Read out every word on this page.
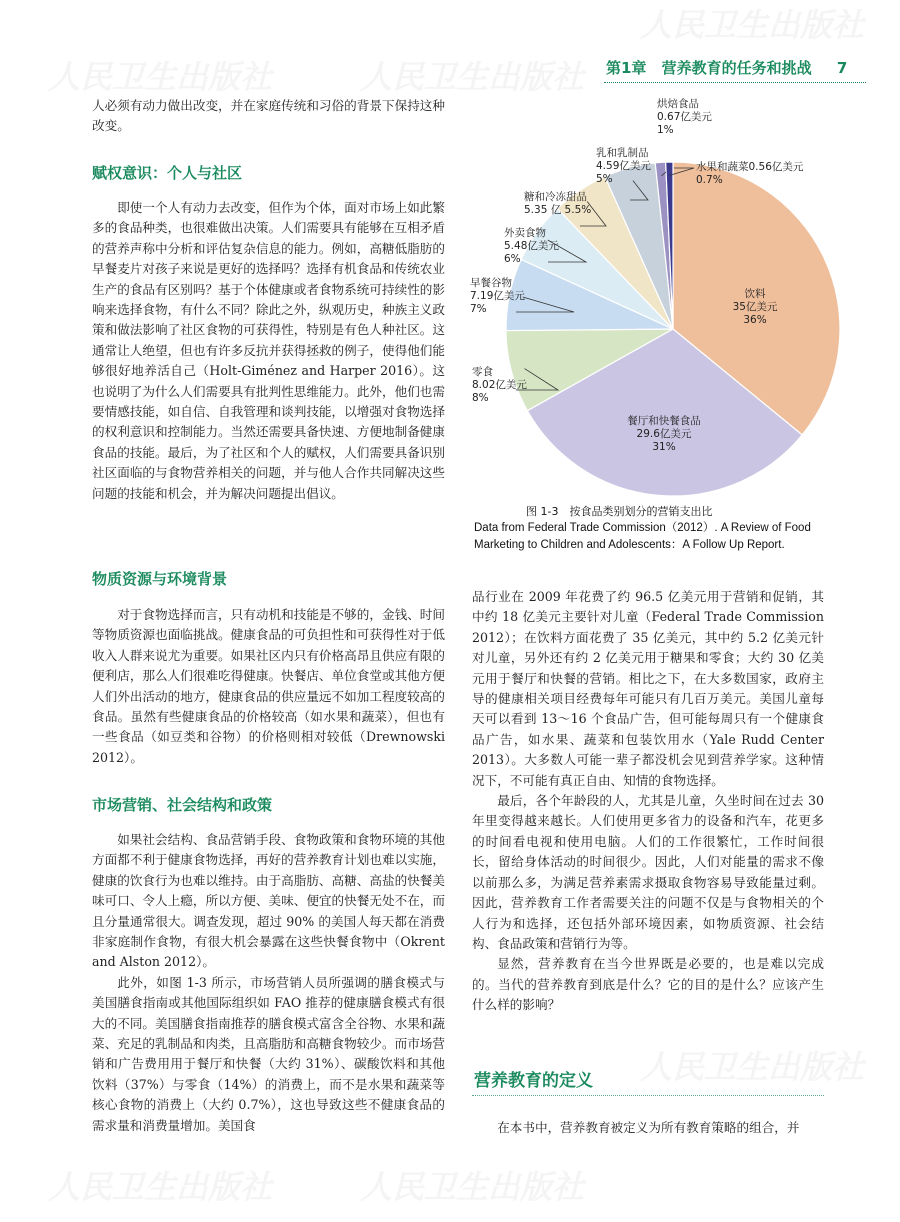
人民卫生出版社	人民卫生出版社
人民卫生出版社
人民卫生出版社	人民卫生出版社
人民卫生出版社
第1章 营养教育的任务和挑战 7

人必须有动力做出改变，并在家庭传统和习俗的背景下保持这种改变。

赋权意识：个人与社区

即使一个人有动力去改变，但作为个体，面对市场上如此繁多的食品种类，也很难做出决策。人们需要具有能够在互相矛盾的营养声称中分析和评估复杂信息的能力。例如，高糖低脂肪的早餐麦片对孩子来说是更好的选择吗？选择有机食品和传统农业生产的食品有区别吗？基于个体健康或者食物系统可持续性的影响来选择食物，有什么不同？除此之外，纵观历史，种族主义政策和做法影响了社区食物的可获得性，特别是有色人种社区。这通常让人绝望，但也有许多反抗并获得拯救的例子，使得他们能够很好地养活自己（Holt-Giménez and Harper 2016）。这也说明了为什么人们需要具有批判性思维能力。此外，他们也需要情感技能，如自信、自我管理和谈判技能，以增强对食物选择的权利意识和控制能力。当然还需要具备快速、方便地制备健康食品的技能。最后，为了社区和个人的赋权，人们需要具备识别社区面临的与食物营养相关的问题，并与他人合作共同解决这些问题的技能和机会，并为解决问题提出倡议。

物质资源与环境背景

对于食物选择而言，只有动机和技能是不够的，金钱、时间等物质资源也面临挑战。健康食品的可负担性和可获得性对于低收入人群来说尤为重要。如果社区内只有价格高昂且供应有限的便利店，那么人们很难吃得健康。快餐店、单位食堂或其他方便人们外出活动的地方，健康食品的供应量远不如加工程度较高的食品。虽然有些健康食品的价格较高（如水果和蔬菜），但也有一些食品（如豆类和谷物）的价格则相对较低（Drewnowski 2012）。

市场营销、社会结构和政策

如果社会结构、食品营销手段、食物政策和食物环境的其他方面都不利于健康食物选择，再好的营养教育计划也难以实施，健康的饮食行为也难以维持。由于高脂肪、高糖、高盐的快餐美味可口、令人上瘾，所以方便、美味、便宜的快餐无处不在，而且分量通常很大。调查发现，超过 90% 的美国人每天都在消费非家庭制作食物，有很大机会暴露在这些快餐食物中（Okrent and Alston 2012）。

此外，如图 1-3 所示，市场营销人员所强调的膳食模式与美国膳食指南或其他国际组织如 FAO 推荐的健康膳食模式有很大的不同。美国膳食指南推荐的膳食模式富含全谷物、水果和蔬菜、充足的乳制品和肉类，且高脂肪和高糖食物较少。而市场营销和广告费用用于餐厅和快餐（大约 31%）、碳酸饮料和其他饮料（37%）与零食（14%）的消费上，而不是水果和蔬菜等核心食物的消费上（大约 0.7%），这也导致这些不健康食品的需求量和消费量增加。美国食

饮料 35亿美元 36%
餐厅和快餐食品 29.6亿美元 31%
零食 8.02亿美元 8%
早餐谷物 7.19亿美元 7%
外卖食物 5.48亿美元 6%
糖和冷冻甜品 5.35 亿 5.5%
乳和乳制品 4.59亿美元 5%
烘焙食品 0.67亿美元 1%
水果和蔬菜0.56亿美元 0.7%
图 1-3　按食品类别划分的营销支出比
Data from Federal Trade Commission（2012）. A Review of Food Marketing to Children and Adolescents：A Follow Up Report.

品行业在 2009 年花费了约 96.5 亿美元用于营销和促销，其中约 18 亿美元主要针对儿童（Federal Trade Commission 2012）；在饮料方面花费了 35 亿美元，其中约 5.2 亿美元针对儿童，另外还有约 2 亿美元用于糖果和零食；大约 30 亿美元用于餐厅和快餐的营销。相比之下，在大多数国家，政府主导的健康相关项目经费每年可能只有几百万美元。美国儿童每天可以看到 13～16 个食品广告，但可能每周只有一个健康食品广告，如水果、蔬菜和包装饮用水（Yale Rudd Center 2013）。大多数人可能一辈子都没机会见到营养学家。这种情况下，不可能有真正自由、知情的食物选择。

最后，各个年龄段的人，尤其是儿童，久坐时间在过去 30 年里变得越来越长。人们使用更多省力的设备和汽车，花更多的时间看电视和使用电脑。人们的工作很繁忙，工作时间很长，留给身体活动的时间很少。因此，人们对能量的需求不像以前那么多，为满足营养素需求摄取食物容易导致能量过剩。因此，营养教育工作者需要关注的问题不仅是与食物相关的个人行为和选择，还包括外部环境因素，如物质资源、社会结构、食品政策和营销行为等。

显然，营养教育在当今世界既是必要的，也是难以完成的。当代的营养教育到底是什么？它的目的是什么？应该产生什么样的影响？

营养教育的定义

在本书中，营养教育被定义为所有教育策略的组合，并
